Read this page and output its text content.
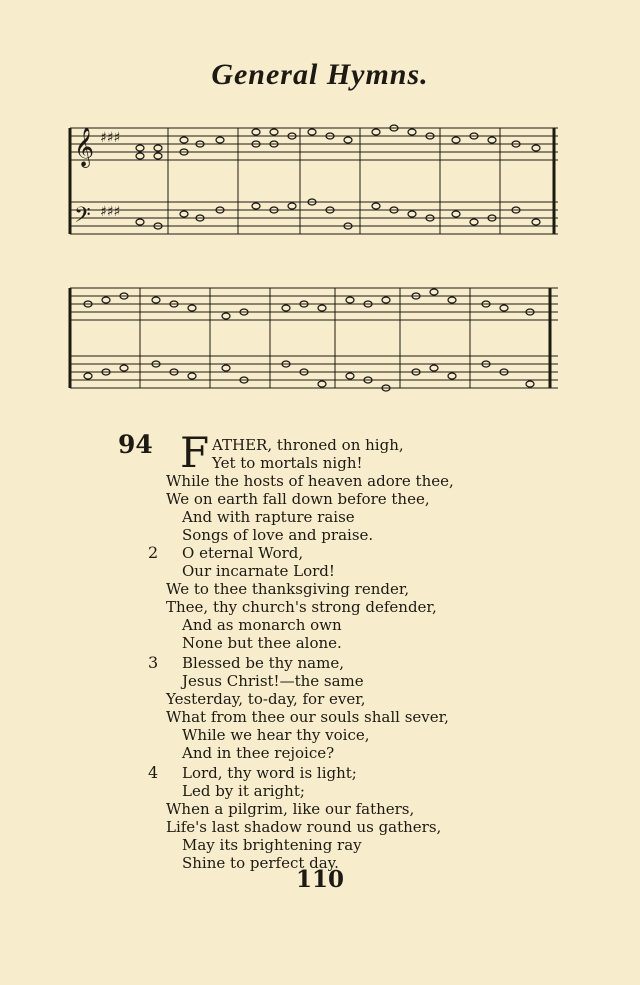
General Hymns.
𝄞
𝄢
♯♯♯
♯♯♯
94 F ATHER, throned on high,
Yet to mortals nigh!
While the hosts of heaven adore thee,
We on earth fall down before thee,
And with rapture raise
Songs of love and praise.
2	O eternal Word,
Our incarnate Lord!
We to thee thanksgiving render,
Thee, thy church's strong defender,
And as monarch own
None but thee alone.
3	Blessed be thy name,
Jesus Christ!—the same
Yesterday, to-day, for ever,
What from thee our souls shall sever,
While we hear thy voice,
And in thee rejoice?
4	Lord, thy word is light;
Led by it aright;
When a pilgrim, like our fathers,
Life's last shadow round us gathers,
May its brightening ray
Shine to perfect day.
110
